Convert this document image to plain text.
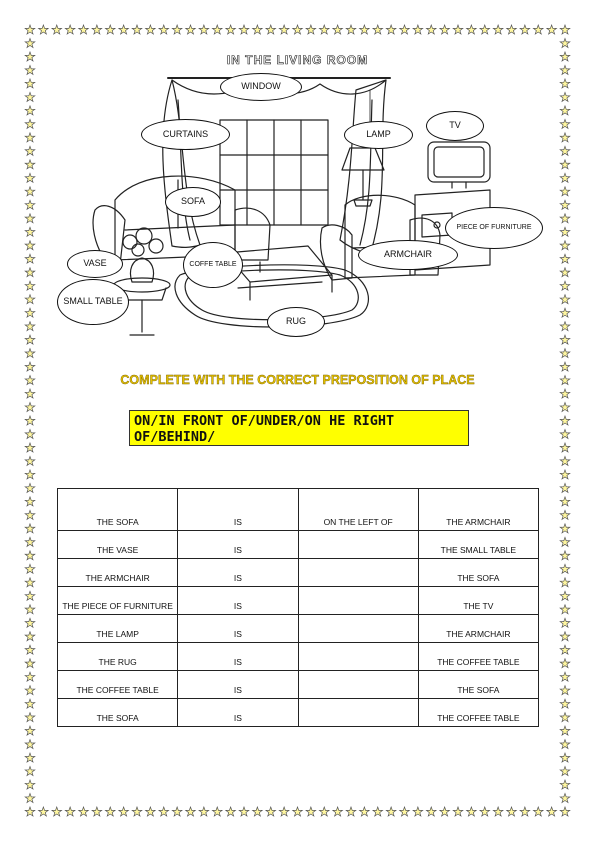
IN THE LIVING ROOM
WINDOW
CURTAINS	LAMP
TV
SOFA
PIECE OF FURNITURE
COFFE TABLE
ARMCHAIR
VASE
SMALL TABLE
RUG
COMPLETE WITH THE CORRECT PREPOSITION OF PLACE
ON/IN FRONT OF/UNDER/ON HE RIGHT OF/BEHIND/
THE SOFA	IS	ON THE LEFT OF	THE ARMCHAIR
THE VASE	IS		THE SMALL TABLE
THE ARMCHAIR	IS		THE SOFA
THE PIECE OF FURNITURE	IS		THE TV
THE LAMP	IS		THE ARMCHAIR
THE RUG	IS		THE COFFEE TABLE
THE COFFEE TABLE	IS		THE SOFA
THE SOFA	IS		THE COFFEE TABLE
